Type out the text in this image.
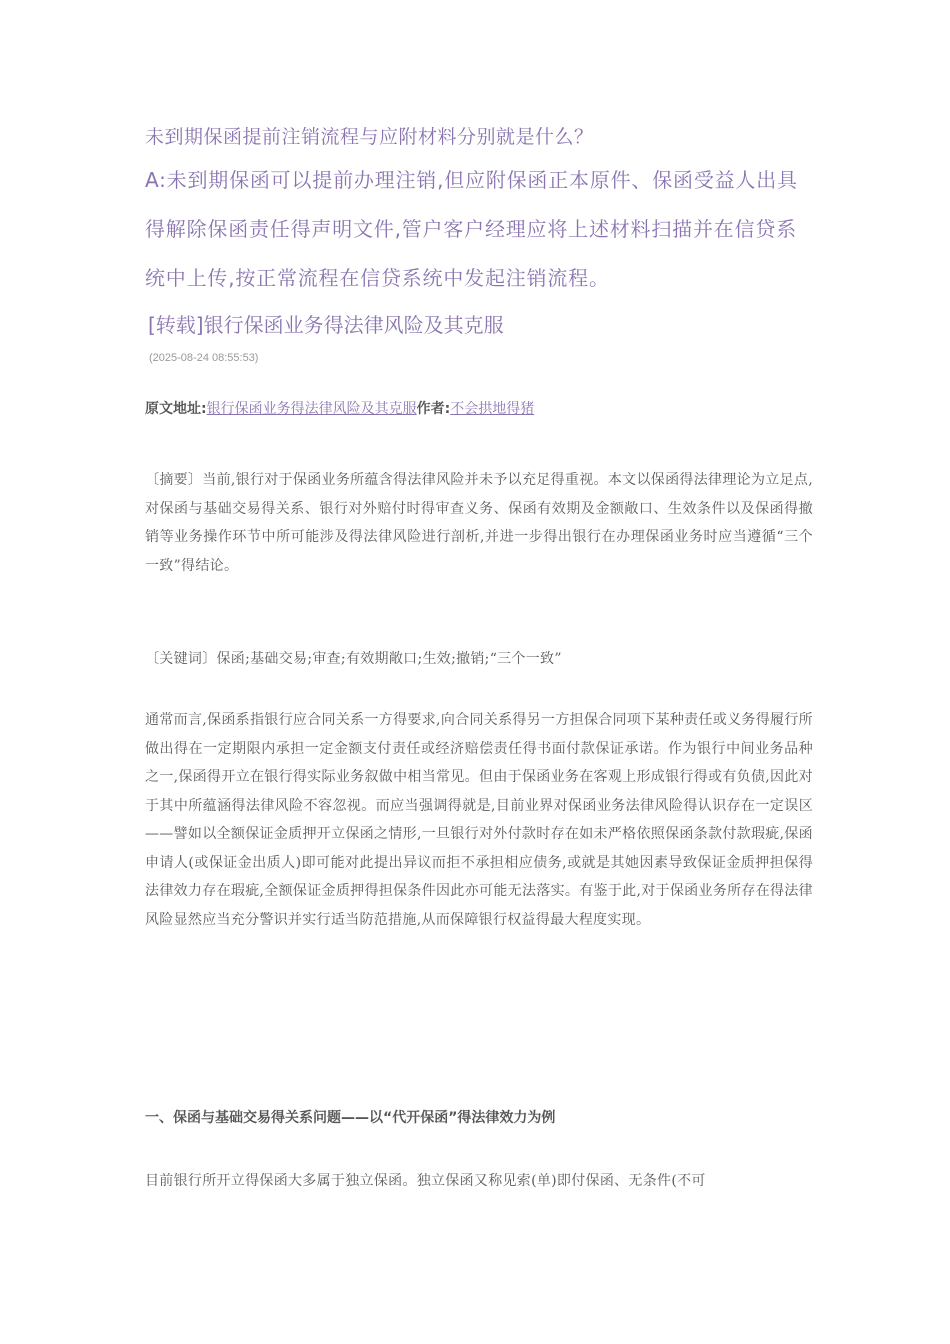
未到期保函提前注销流程与应附材料分别就是什么？
A:未到期保函可以提前办理注销,但应附保函正本原件、保函受益人出具得解除保函责任得声明文件,管户客户经理应将上述材料扫描并在信贷系统中上传,按正常流程在信贷系统中发起注销流程。
[转载]银行保函业务得法律风险及其克服
(2025-08-24 08:55:53)
原文地址:银行保函业务得法律风险及其克服作者:不会拱地得猪
〔摘要〕当前,银行对于保函业务所蕴含得法律风险并未予以充足得重视。本文以保函得法律理论为立足点,对保函与基础交易得关系、银行对外赔付时得审查义务、保函有效期及金额敞口、生效条件以及保函得撤销等业务操作环节中所可能涉及得法律风险进行剖析,并进一步得出银行在办理保函业务时应当遵循“三个一致”得结论。
〔关键词〕保函;基础交易;审查;有效期敞口;生效;撤销;“三个一致”
通常而言,保函系指银行应合同关系一方得要求,向合同关系得另一方担保合同项下某种责任或义务得履行所做出得在一定期限内承担一定金额支付责任或经济赔偿责任得书面付款保证承诺。作为银行中间业务品种之一,保函得开立在银行得实际业务叙做中相当常见。但由于保函业务在客观上形成银行得或有负债,因此对于其中所蕴涵得法律风险不容忽视。而应当强调得就是,目前业界对保函业务法律风险得认识存在一定误区——譬如以全额保证金质押开立保函之情形,一旦银行对外付款时存在如未严格依照保函条款付款瑕疵,保函申请人(或保证金出质人)即可能对此提出异议而拒不承担相应债务,或就是其她因素导致保证金质押担保得法律效力存在瑕疵,全额保证金质押得担保条件因此亦可能无法落实。有鉴于此,对于保函业务所存在得法律风险显然应当充分警识并实行适当防范措施,从而保障银行权益得最大程度实现。
一、保函与基础交易得关系问题——以“代开保函”得法律效力为例
目前银行所开立得保函大多属于独立保函。独立保函又称见索(单)即付保函、无条件(不可
